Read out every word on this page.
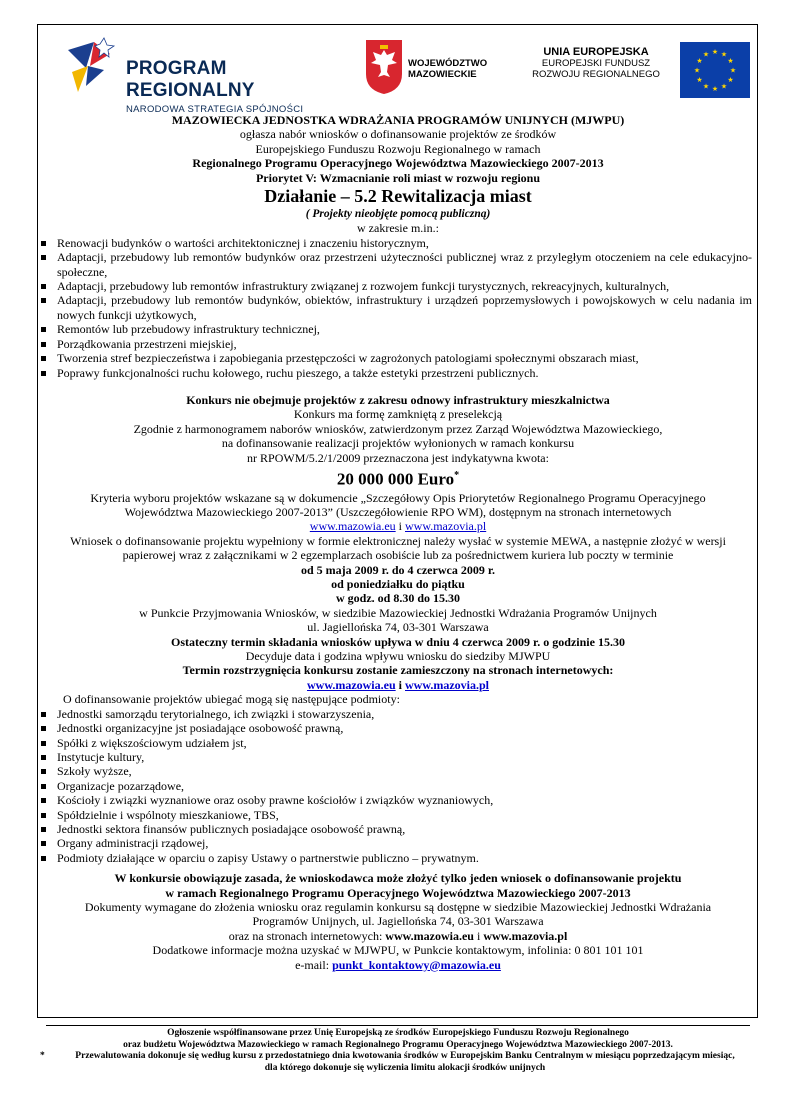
PROGRAM REGIONALNY
NARODOWA STRATEGIA SPÓJNOŚCI
WOJEWÓDZTWO
MAZOWIECKIE
UNIA EUROPEJSKA
EUROPEJSKI FUNDUSZ
ROZWOJU REGIONALNEGO
★ ★
★
★
★
★
★
★
★
★
★
★
MAZOWIECKA JEDNOSTKA WDRAŻANIA PROGRAMÓW UNIJNYCH (MJWPU)
ogłasza nabór wniosków o dofinansowanie projektów ze środków
Europejskiego Funduszu Rozwoju Regionalnego w ramach
Regionalnego Programu Operacyjnego Województwa Mazowieckiego 2007-2013
Priorytet V: Wzmacnianie roli miast w rozwoju regionu
Działanie – 5.2 Rewitalizacja miast
( Projekty nieobjęte pomocą publiczną)
w zakresie m.in.:
Renowacji budynków o wartości architektonicznej i znaczeniu historycznym,
Adaptacji, przebudowy lub remontów budynków oraz przestrzeni użyteczności publicznej wraz z przyległym otoczeniem na cele edukacyjno-społeczne,
Adaptacji, przebudowy lub remontów infrastruktury związanej z rozwojem funkcji turystycznych, rekreacyjnych, kulturalnych,
Adaptacji, przebudowy lub remontów budynków, obiektów, infrastruktury i urządzeń poprzemysłowych i powojskowych w celu nadania im nowych funkcji użytkowych,
Remontów lub przebudowy infrastruktury technicznej,
Porządkowania przestrzeni miejskiej,
Tworzenia stref bezpieczeństwa i zapobiegania przestępczości w zagrożonych patologiami społecznymi obszarach miast,
Poprawy funkcjonalności ruchu kołowego, ruchu pieszego, a także estetyki przestrzeni publicznych.
Konkurs nie obejmuje projektów z zakresu odnowy infrastruktury mieszkalnictwa
Konkurs ma formę zamkniętą z preselekcją
Zgodnie z harmonogramem naborów wniosków, zatwierdzonym przez Zarząd Województwa Mazowieckiego,
na dofinansowanie realizacji projektów wyłonionych w ramach konkursu
nr RPOWM/5.2/1/2009 przeznaczona jest indykatywna kwota:
20 000 000 Euro*
Kryteria wyboru projektów wskazane są w dokumencie „Szczegółowy Opis Priorytetów Regionalnego Programu Operacyjnego Województwa Mazowieckiego 2007-2013” (Uszczegółowienie RPO WM), dostępnym na stronach internetowych
www.mazowia.eu i www.mazovia.pl
Wniosek o dofinansowanie projektu wypełniony w formie elektronicznej należy wysłać w systemie MEWA, a następnie złożyć w wersji papierowej wraz z załącznikami w 2 egzemplarzach osobiście lub za pośrednictwem kuriera lub poczty w terminie
od 5 maja 2009 r. do 4 czerwca 2009 r.
od poniedziałku do piątku
w godz. od 8.30 do 15.30
w Punkcie Przyjmowania Wniosków, w siedzibie Mazowieckiej Jednostki Wdrażania Programów Unijnych
ul. Jagiellońska 74, 03-301 Warszawa
Ostateczny termin składania wniosków upływa w dniu 4 czerwca 2009 r. o godzinie 15.30
Decyduje data i godzina wpływu wniosku do siedziby MJWPU
Termin rozstrzygnięcia konkursu zostanie zamieszczony na stronach internetowych:
www.mazowia.eu i www.mazovia.pl
O dofinansowanie projektów ubiegać mogą się następujące podmioty:
Jednostki samorządu terytorialnego, ich związki i stowarzyszenia,
Jednostki organizacyjne jst posiadające osobowość prawną,
Spółki z większościowym udziałem jst,
Instytucje kultury,
Szkoły wyższe,
Organizacje pozarządowe,
Kościoły i związki wyznaniowe oraz osoby prawne kościołów i związków wyznaniowych,
Spółdzielnie i wspólnoty mieszkaniowe, TBS,
Jednostki sektora finansów publicznych posiadające osobowość prawną,
Organy administracji rządowej,
Podmioty działające w oparciu o zapisy Ustawy o partnerstwie publiczno – prywatnym.
W konkursie obowiązuje zasada, że wnioskodawca może złożyć tylko jeden wniosek o dofinansowanie projektu
w ramach Regionalnego Programu Operacyjnego Województwa Mazowieckiego 2007-2013
Dokumenty wymagane do złożenia wniosku oraz regulamin konkursu są dostępne w siedzibie Mazowieckiej Jednostki Wdrażania Programów Unijnych, ul. Jagiellońska 74, 03-301 Warszawa
oraz na stronach internetowych: www.mazowia.eu i www.mazovia.pl
Dodatkowe informacje można uzyskać w MJWPU, w Punkcie kontaktowym, infolinia: 0 801 101 101
e-mail: punkt_kontaktowy@mazowia.eu
Ogłoszenie współfinansowane przez Unię Europejską ze środków Europejskiego Funduszu Rozwoju Regionalnego
oraz budżetu Województwa Mazowieckiego w ramach Regionalnego Programu Operacyjnego Województwa Mazowieckiego 2007-2013.
*	Przewalutowania dokonuje się według kursu z przedostatniego dnia kwotowania środków w Europejskim Banku Centralnym w miesiącu poprzedzającym miesiąc,
dla którego dokonuje się wyliczenia limitu alokacji środków unijnych
